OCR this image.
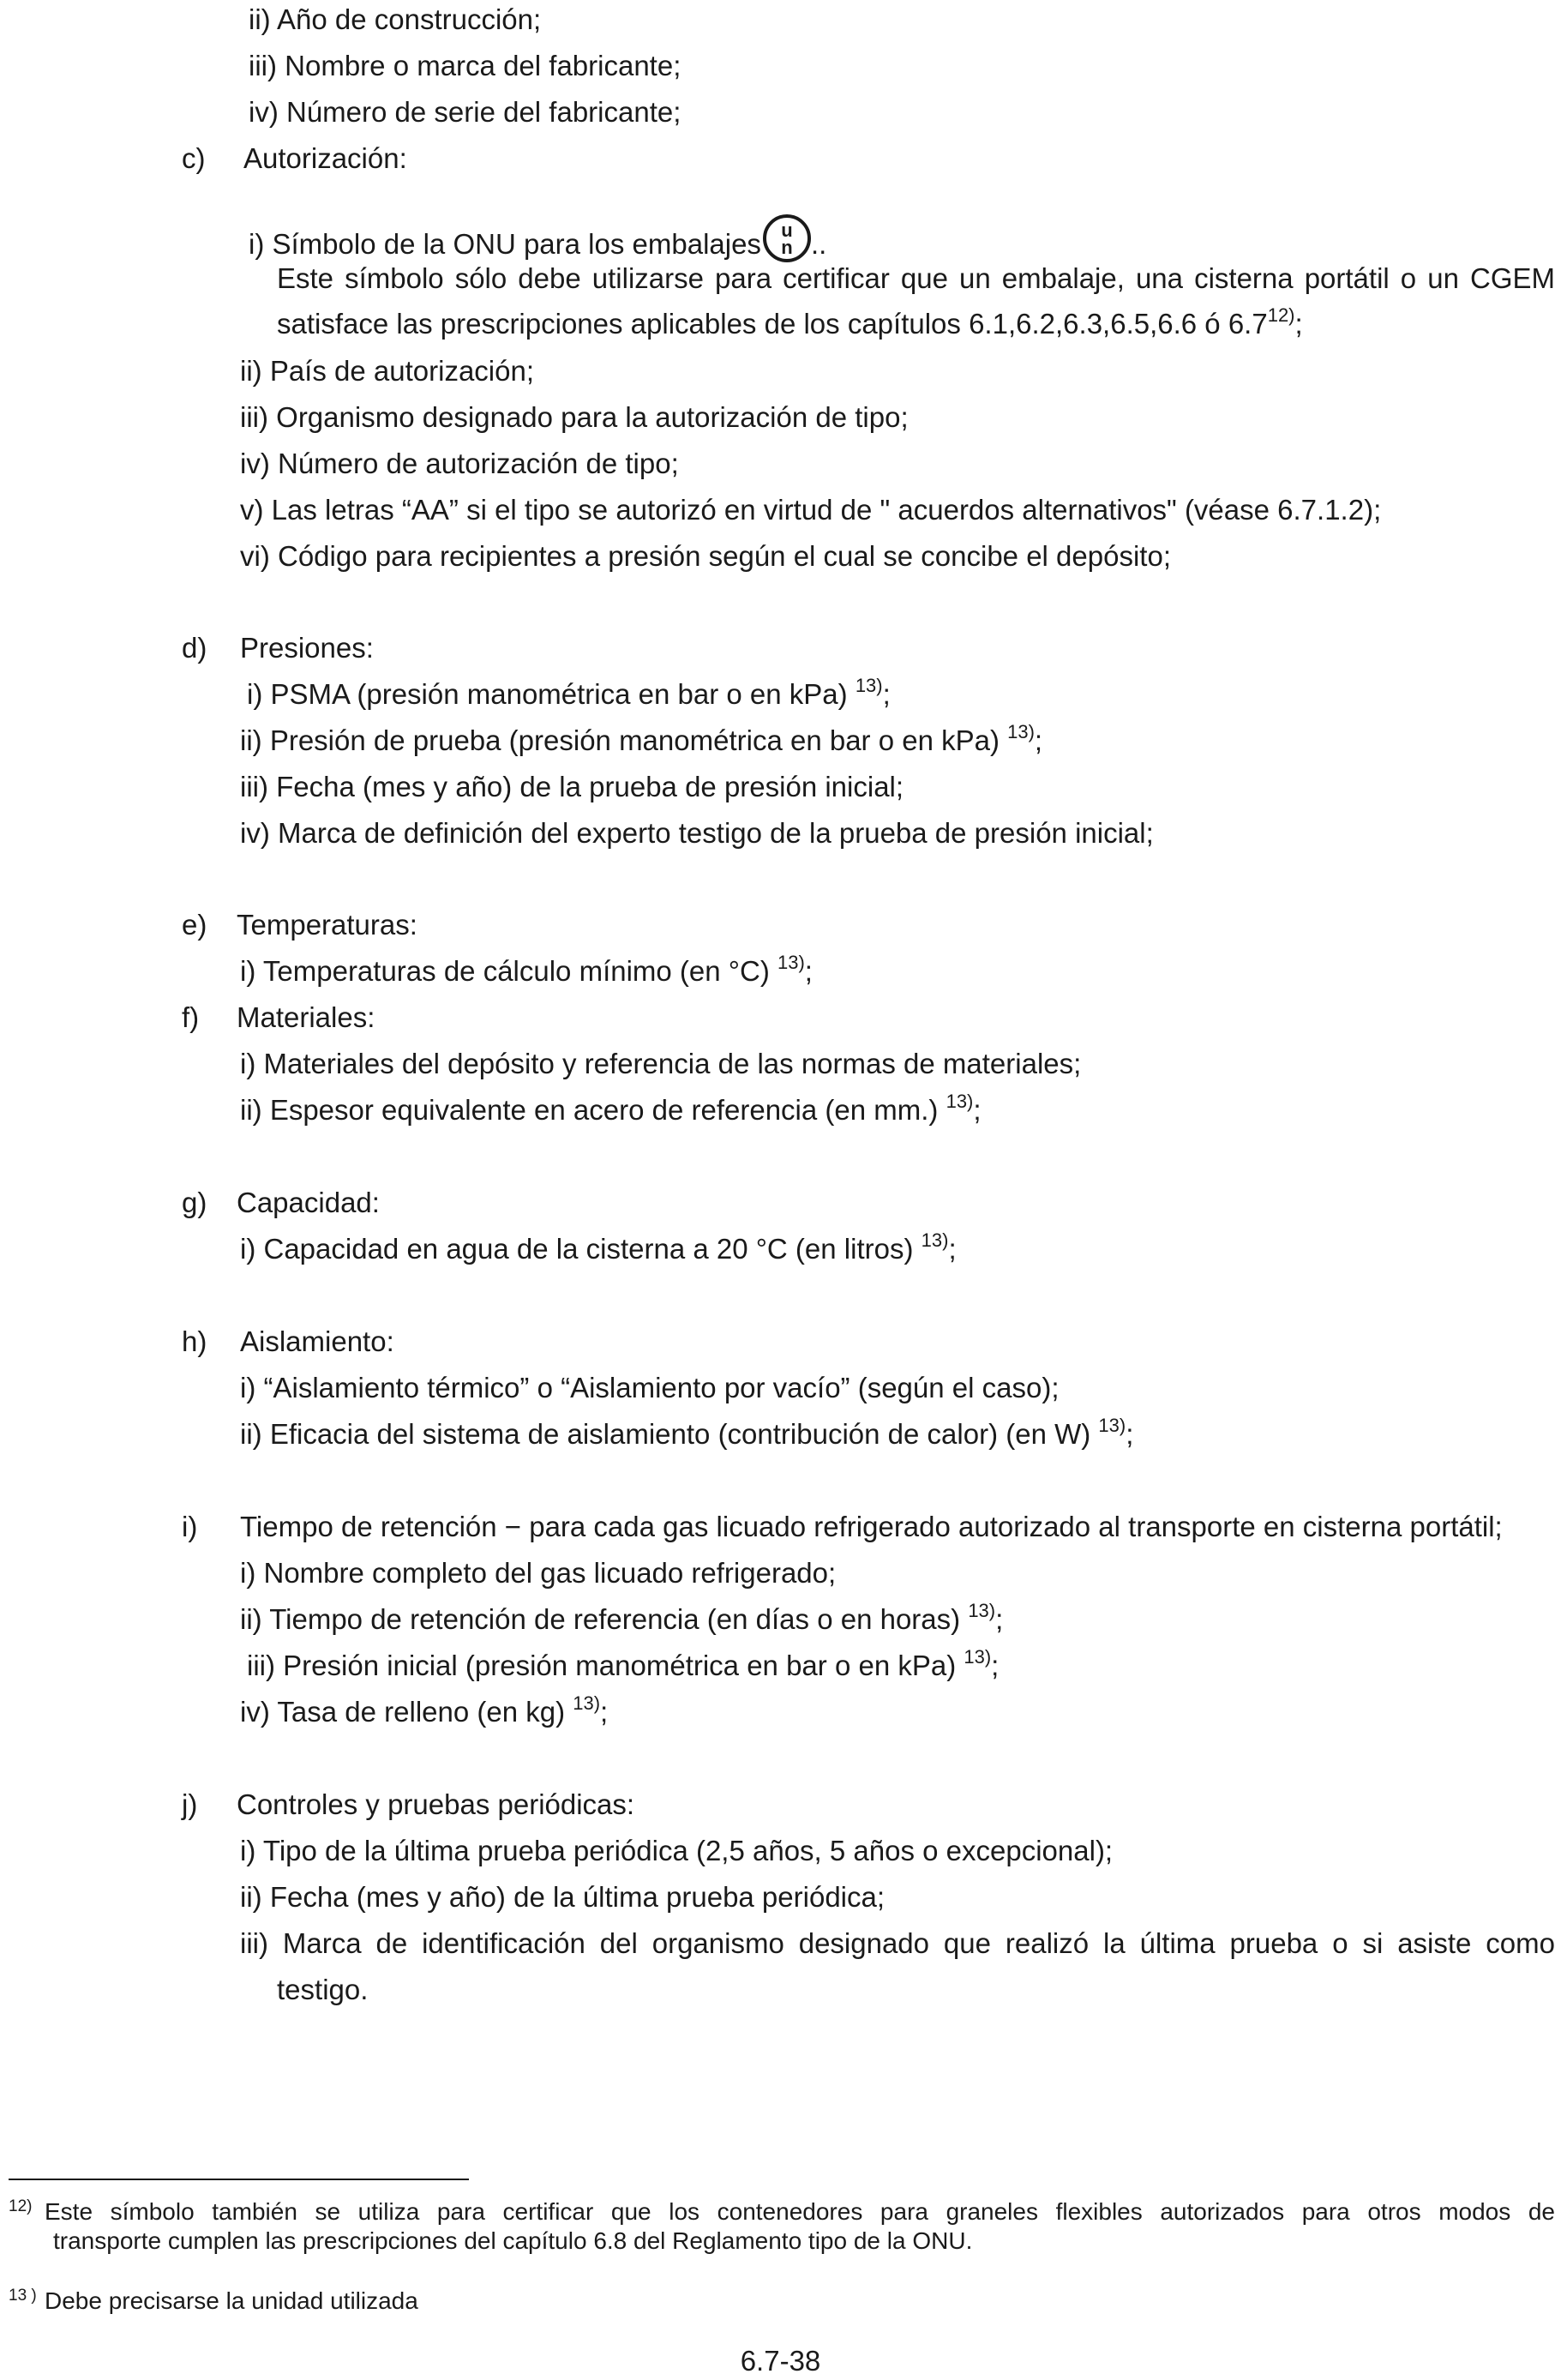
ii) Año de construcción;
iii) Nombre o marca del fabricante;
iv) Número de serie del fabricante;
c) Autorización:
i) Símbolo de la ONU para los embalajes	u
n ..
Este símbolo sólo debe utilizarse para certificar que un embalaje, una cisterna portátil o un CGEM
satisface las prescripciones aplicables de los capítulos 6.1,6.2,6.3,6.5,6.6 ó 6.7$^{12)}$;
ii) País de autorización;
iii) Organismo designado para la autorización de tipo;
iv) Número de autorización de tipo;
v) Las letras “AA” si el tipo se autorizó en virtud de " acuerdos alternativos" (véase 6.7.1.2);
vi) Código para recipientes a presión según el cual se concibe el depósito;
d) Presiones:
i) PSMA (presión manométrica en bar o en kPa) $^{13)}$;
ii) Presión de prueba (presión manométrica en bar o en kPa) $^{13)}$;
iii) Fecha (mes y año) de la prueba de presión inicial;
iv) Marca de definición del experto testigo de la prueba de presión inicial;
e) Temperaturas:
i) Temperaturas de cálculo mínimo (en °C) $^{13)}$;
f) Materiales:
i) Materiales del depósito y referencia de las normas de materiales;
ii) Espesor equivalente en acero de referencia (en mm.) $^{13)}$;
g) Capacidad:
i) Capacidad en agua de la cisterna a 20 °C (en litros) $^{13)}$;
h) Aislamiento:
i) “Aislamiento térmico” o “Aislamiento por vacío” (según el caso);
ii) Eficacia del sistema de aislamiento (contribución de calor) (en W) $^{13)}$;
i) Tiempo de retención − para cada gas licuado refrigerado autorizado al transporte en cisterna portátil;
i) Nombre completo del gas licuado refrigerado;
ii) Tiempo de retención de referencia (en días o en horas) $^{13)}$;
iii) Presión inicial (presión manométrica en bar o en kPa) $^{13)}$;
iv) Tasa de relleno (en kg) $^{13)}$;
j) Controles y pruebas periódicas:
i) Tipo de la última prueba periódica (2,5 años, 5 años o excepcional);
ii) Fecha (mes y año) de la última prueba periódica;
iii) Marca de identificación del organismo designado que realizó la última prueba o si asiste como
testigo.
12) Este símbolo también se utiliza para certificar que los contenedores para graneles flexibles autorizados para otros modos de
transporte cumplen las prescripciones del capítulo 6.8 del Reglamento tipo de la ONU.
13 ) Debe precisarse la unidad utilizada
6.7-38
